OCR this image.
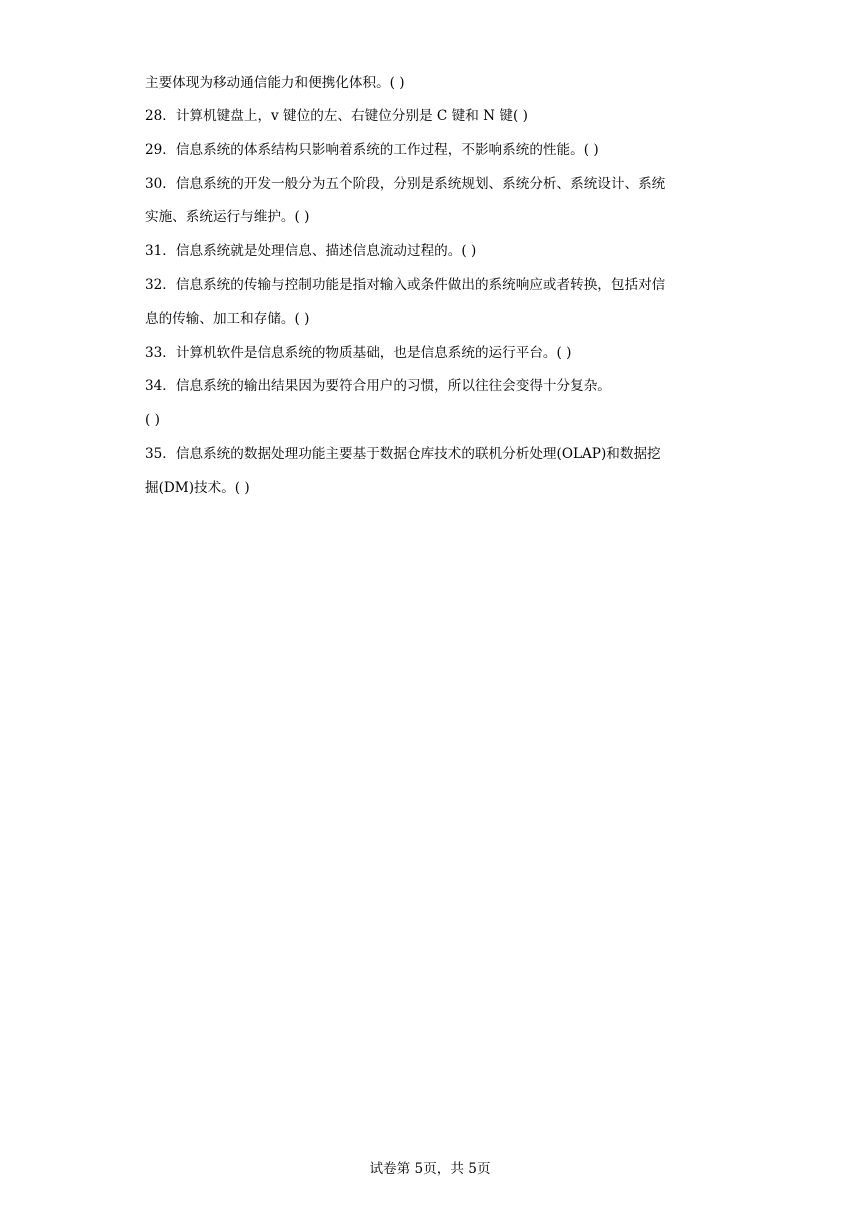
主要体现为移动通信能力和便携化体积。( )
28．计算机键盘上，v 键位的左、右键位分别是 C 键和 N 键( )
29．信息系统的体系结构只影响着系统的工作过程，不影响系统的性能。( )
30．信息系统的开发一般分为五个阶段，分别是系统规划、系统分析、系统设计、系统
实施、系统运行与维护。( )
31．信息系统就是处理信息、描述信息流动过程的。( )
32．信息系统的传输与控制功能是指对输入或条件做出的系统响应或者转换，包括对信
息的传输、加工和存储。( )
33．计算机软件是信息系统的物质基础，也是信息系统的运行平台。( )
34．信息系统的输出结果因为要符合用户的习惯，所以往往会变得十分复杂。
( )
35．信息系统的数据处理功能主要基于数据仓库技术的联机分析处理(OLAP)和数据挖
掘(DM)技术。( )
试卷第 5页，共 5页
